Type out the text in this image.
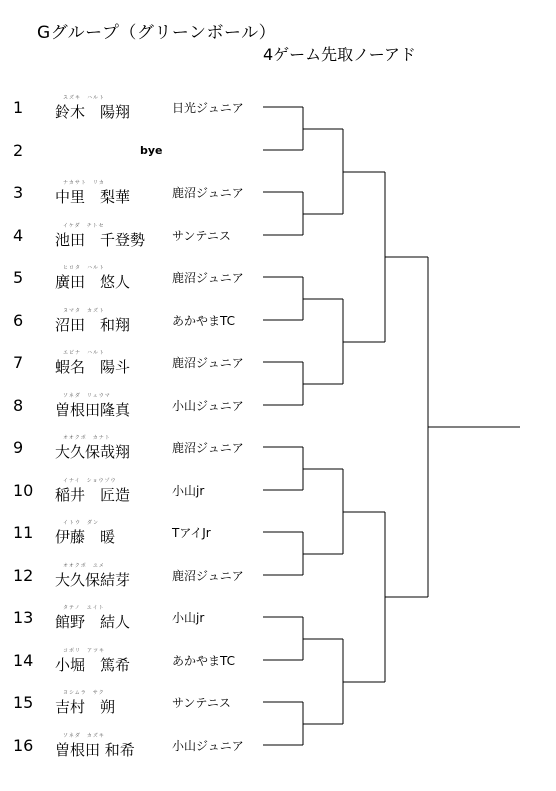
Gグループ（グリーンボール）
4ゲーム先取ノーアド
1	スズキ　ハルト
鈴木　陽翔	日光ジュニア
2	bye
3	ナカサト　リカ
中里　梨華	鹿沼ジュニア
4	イケダ　チトセ
池田　千登勢 サンテニス
5	ヒロタ　ハルト
廣田　悠人	鹿沼ジュニア
6	ヌマタ　カズト
沼田　和翔	あかやまTC
7	エビナ　ハルト
蝦名　陽斗	鹿沼ジュニア
8	ソネダ　リュウマ
曽根田隆真	小山ジュニア
9	オオクボ　カナト
大久保哉翔	鹿沼ジュニア
10	イナイ　ショウゾウ
稲井　匠造	小山jr
11	イトウ　ダン
伊藤　暖	TアイJr
12	オオクボ　ユメ
大久保結芽	鹿沼ジュニア
13	タテノ　ユイト
館野　結人	小山jr
14	コボリ　アツキ
小堀　篤希	あかやまTC
15	ヨシムラ　サク
吉村　朔	サンテニス
16	ソネダ　カズキ
曽根田 和希	小山ジュニア
